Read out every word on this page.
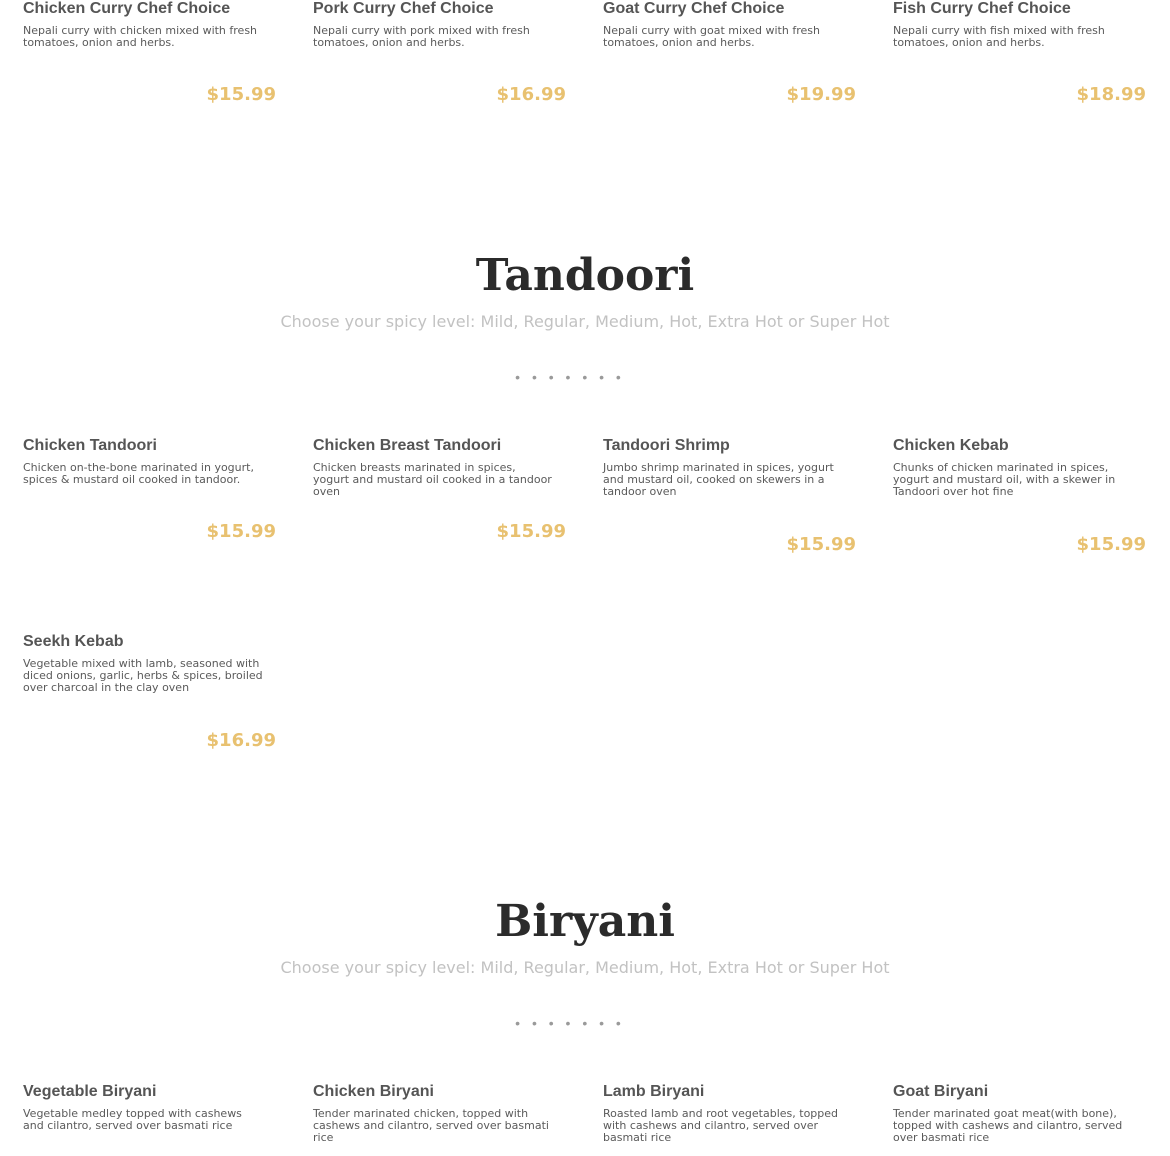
Chicken Curry Chef Choice

Nepali curry with chicken mixed with fresh tomatoes, onion and herbs.

$15.99
Pork Curry Chef Choice

Nepali curry with pork mixed with fresh tomatoes, onion and herbs.

$16.99
Goat Curry Chef Choice

Nepali curry with goat mixed with fresh tomatoes, onion and herbs.

$19.99
Fish Curry Chef Choice

Nepali curry with fish mixed with fresh tomatoes, onion and herbs.

$18.99
Tandoori
Choose your spicy level: Mild, Regular, Medium, Hot, Extra Hot or Super Hot
• • • • • • •
Chicken Tandoori

Chicken on-the-bone marinated in yogurt, spices & mustard oil cooked in tandoor.

$15.99
Chicken Breast Tandoori

Chicken breasts marinated in spices, yogurt and mustard oil cooked in a tandoor oven

$15.99
Tandoori Shrimp

Jumbo shrimp marinated in spices, yogurt and mustard oil, cooked on skewers in a tandoor oven

$15.99
Chicken Kebab

Chunks of chicken marinated in spices, yogurt and mustard oil, with a skewer in Tandoori over hot fine

$15.99
Seekh Kebab

Vegetable mixed with lamb, seasoned with diced onions, garlic, herbs & spices, broiled over charcoal in the clay oven

$16.99
Biryani
Choose your spicy level: Mild, Regular, Medium, Hot, Extra Hot or Super Hot
• • • • • • •
Vegetable Biryani

Vegetable medley topped with cashews and cilantro, served over basmati rice

Chicken Biryani

Tender marinated chicken, topped with cashews and cilantro, served over basmati rice

Lamb Biryani

Roasted lamb and root vegetables, topped with cashews and cilantro, served over basmati rice

Goat Biryani

Tender marinated goat meat(with bone), topped with cashews and cilantro, served over basmati rice
